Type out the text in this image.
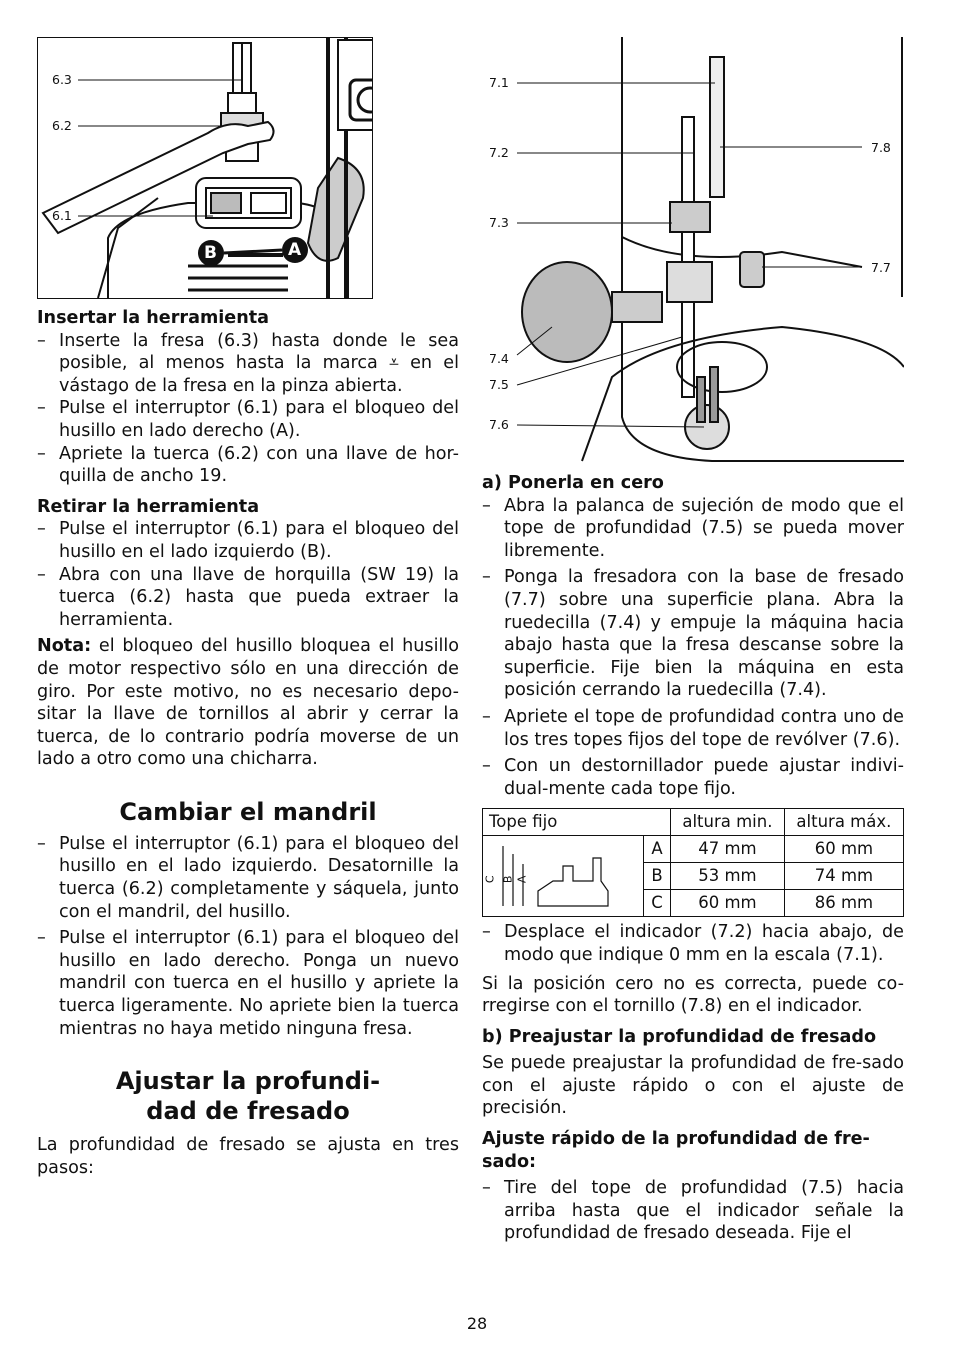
6.3
6.2
6.1
B	A
7.1
7.2
7.3
7.4
7.5
7.6
7.8
7.7

Insertar la herramienta

– Inserte la fresa (6.3) hasta donde le sea posible, al menos hasta la marca ⩡ en el vástago de la fresa en la pinza abierta.
– Pulse el interruptor (6.1) para el bloqueo del husillo en lado derecho (A).
– Apriete la tuerca (6.2) con una llave de hor-quilla de ancho 19.

Retirar la herramienta

– Pulse el interruptor (6.1) para el bloqueo del husillo en el lado izquierdo (B).
– Abra con una llave de horquilla (SW 19) la tuerca (6.2) hasta que pueda extraer la herramienta.

Nota: el bloqueo del husillo bloquea el husillo de motor respectivo sólo en una dirección de giro. Por este motivo, no es necesario depo-sitar la llave de tornillos al abrir y cerrar la tuerca, de lo contrario podría moverse de un lado a otro como una chicharra.

Cambiar el mandril

– Pulse el interruptor (6.1) para el bloqueo del husillo en el lado izquierdo. Desatornille la tuerca (6.2) completamente y sáquela, junto con el mandril, del husillo.
– Pulse el interruptor (6.1) para el bloqueo del husillo en lado derecho. Ponga un nuevo mandril con tuerca en el husillo y apriete la tuerca ligeramente. No apriete bien la tuerca mientras no haya metido ninguna fresa.

Ajustar la profundi-

dad de fresado

La profundidad de fresado se ajusta en tres pasos:

a) Ponerla en cero

– Abra la palanca de sujeción de modo que el tope de profundidad (7.5) se pueda mover libremente.
– Ponga la fresadora con la base de fresado (7.7) sobre una superficie plana. Abra la ruedecilla (7.4) y empuje la máquina hacia abajo hasta que la fresa descanse sobre la superficie. Fije bien la máquina en esta posición cerrando la ruedecilla (7.4).
– Apriete el tope de profundidad contra uno de los tres topes fijos del tope de revólver (7.6).
– Con un destornillador puede ajustar indivi-dual-mente cada tope fijo.
Tope fijo		altura min.	altura máx.

C B A	A	47 mm	60 mm
	B	53 mm	74 mm
	C	60 mm	86 mm
– Desplace el indicador (7.2) hacia abajo, de modo que indique 0 mm en la escala (7.1).

Si la posición cero no es correcta, puede co-rregirse con el tornillo (7.8) en el indicador.

b) Preajustar la profundidad de fresado

Se puede preajustar la profundidad de fre-sado con el ajuste rápido o con el ajuste de precisión.

Ajuste rápido de la profundidad de fre-sado:

– Tire del tope de profundidad (7.5) hacia arriba hasta que el indicador señale la profundidad de fresado deseada. Fije el
28
